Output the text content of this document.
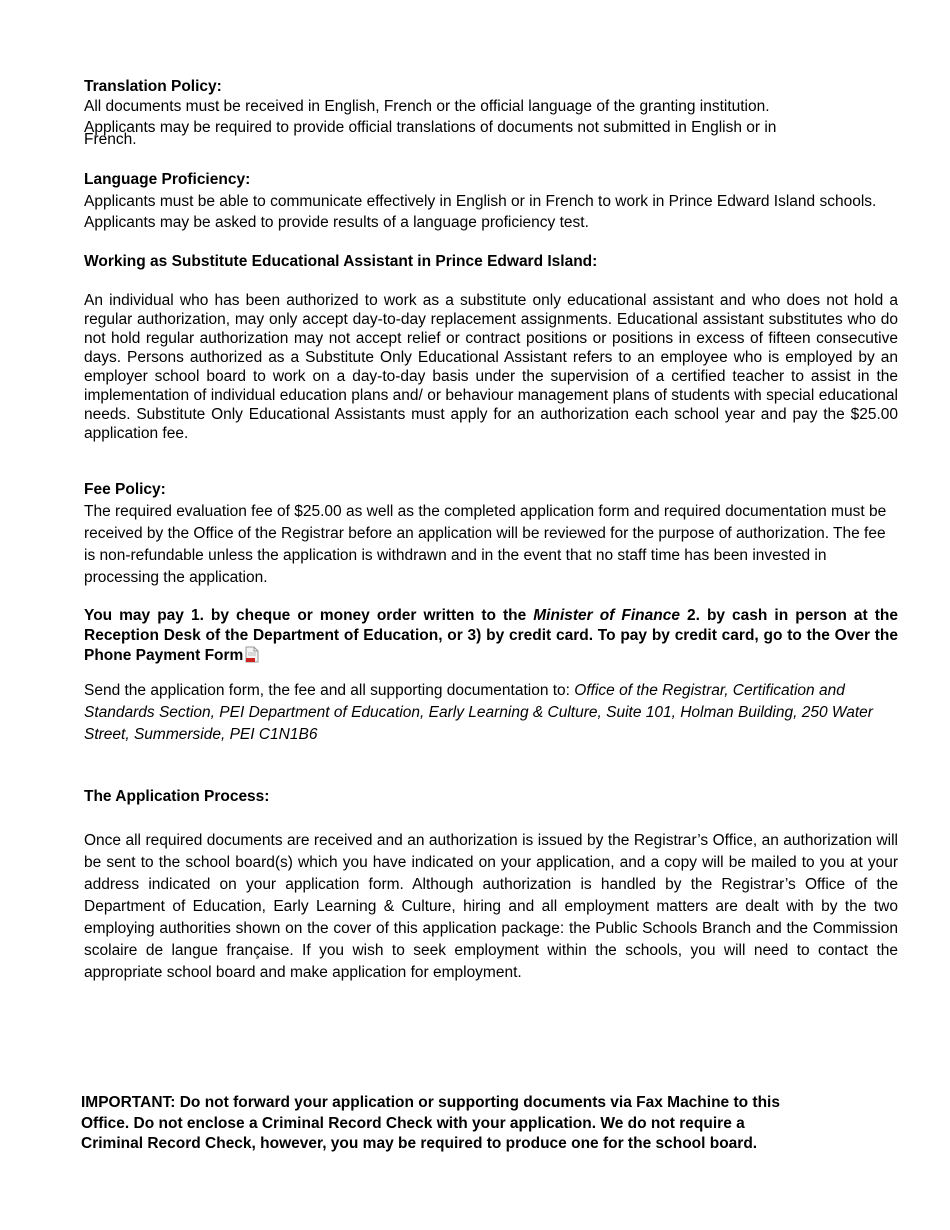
Translation Policy:

All documents must be received in English, French or the official language of the granting institution.
Applicants may be required to provide official translations of documents not submitted in English or in
French.

Language Proficiency:

Applicants must be able to communicate effectively in English or in French to work in Prince Edward Island schools. Applicants may be asked to provide results of a language proficiency test.

Working as Substitute Educational Assistant in Prince Edward Island:

An individual who has been authorized to work as a substitute only educational assistant and who does not hold a regular authorization, may only accept day-to-day replacement assignments. Educational assistant substitutes who do not hold regular authorization may not accept relief or contract positions or positions in excess of fifteen consecutive days. Persons authorized as a Substitute Only Educational Assistant refers to an employee who is employed by an employer school board to work on a day-to-day basis under the supervision of a certified teacher to assist in the implementation of individual education plans and/ or behaviour management plans of students with special educational needs. Substitute Only Educational Assistants must apply for an authorization each school year and pay the $25.00 application fee.

Fee Policy:

The required evaluation fee of $25.00 as well as the completed application form and required documentation must be received by the Office of the Registrar before an application will be reviewed for the purpose of authorization. The fee is non-refundable unless the application is withdrawn and in the event that no staff time has been invested in processing the application.

You may pay 1. by cheque or money order written to the Minister of Finance 2. by cash in person at the Reception Desk of the Department of Education, or 3) by credit card. To pay by credit card, go to the Over the Phone Payment Form
Send the application form, the fee and all supporting documentation to: Office of the Registrar, Certification and Standards Section, PEI Department of Education, Early Learning & Culture, Suite 101, Holman Building, 250 Water Street, Summerside, PEI C1N1B6

The Application Process:

Once all required documents are received and an authorization is issued by the Registrar’s Office, an authorization will be sent to the school board(s) which you have indicated on your application, and a copy will be mailed to you at your address indicated on your application form. Although authorization is handled by the Registrar’s Office of the Department of Education, Early Learning & Culture, hiring and all employment matters are dealt with by the two employing authorities shown on the cover of this application package: the Public Schools Branch and the Commission scolaire de langue française. If you wish to seek employment within the schools, you will need to contact the appropriate school board and make application for employment.

IMPORTANT: Do not forward your application or supporting documents via Fax Machine to this
Office. Do not enclose a Criminal Record Check with your application. We do not require a
Criminal Record Check, however, you may be required to produce one for the school board.
